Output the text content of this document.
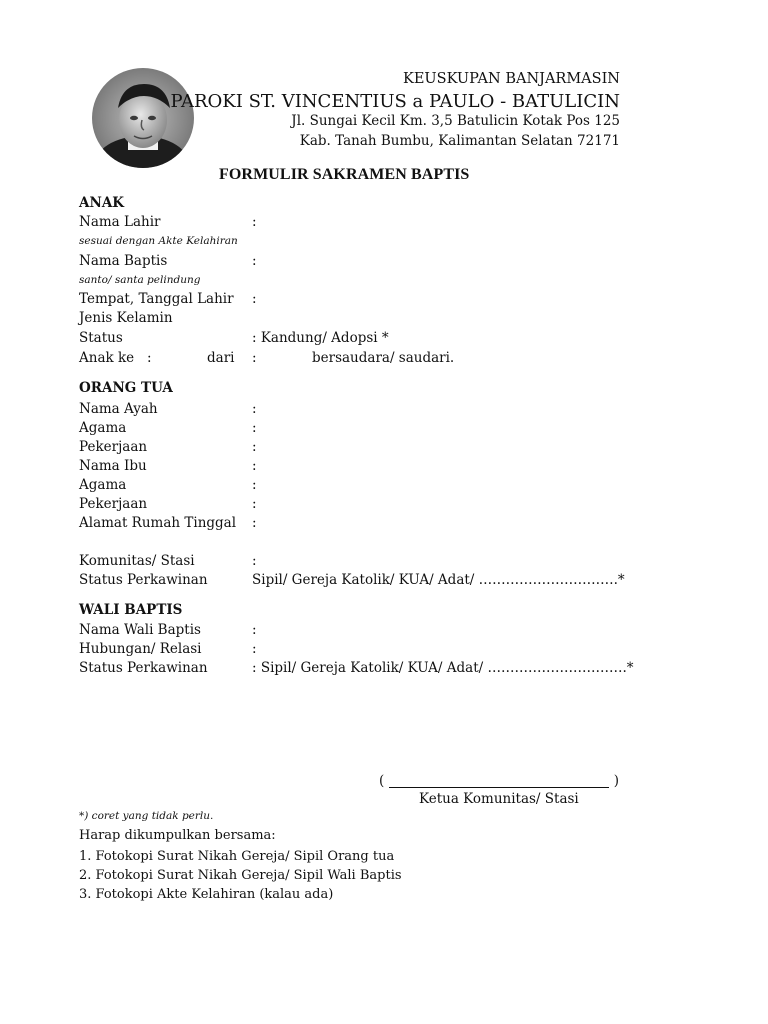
KEUSKUPAN BANJARMASIN
PAROKI ST. VINCENTIUS a PAULO - BATULICIN
Jl. Sungai Kecil Km. 3,5 Batulicin Kotak Pos 125
Kab. Tanah Bumbu, Kalimantan Selatan 72171
FORMULIR SAKRAMEN BAPTIS
ANAK
Nama Lahir	:
sesuai dengan Akte Kelahiran
Nama Baptis	:
santo/ santa pelindung
Tempat, Tanggal Lahir :
Jenis Kelamin
Status	: Kandung/ Adopsi *
Anak ke   :	dari :	bersaudara/ saudari.
ORANG TUA
Nama Ayah	:
Agama	:
Pekerjaan	:
Nama Ibu	:
Agama	:
Pekerjaan	:
Alamat Rumah Tinggal :
Komunitas/ Stasi	:
Status Perkawinan	Sipil/ Gereja Katolik/ KUA/ Adat/ ………………………….*
WALI BAPTIS
Nama Wali Baptis	:
Hubungan/ Relasi	:
Status Perkawinan	: Sipil/ Gereja Katolik/ KUA/ Adat/ ………………………….*
(	)
Ketua Komunitas/ Stasi
*) coret yang tidak perlu.
Harap dikumpulkan bersama:
1. Fotokopi Surat Nikah Gereja/ Sipil Orang tua
2. Fotokopi Surat Nikah Gereja/ Sipil Wali Baptis
3. Fotokopi Akte Kelahiran (kalau ada)
